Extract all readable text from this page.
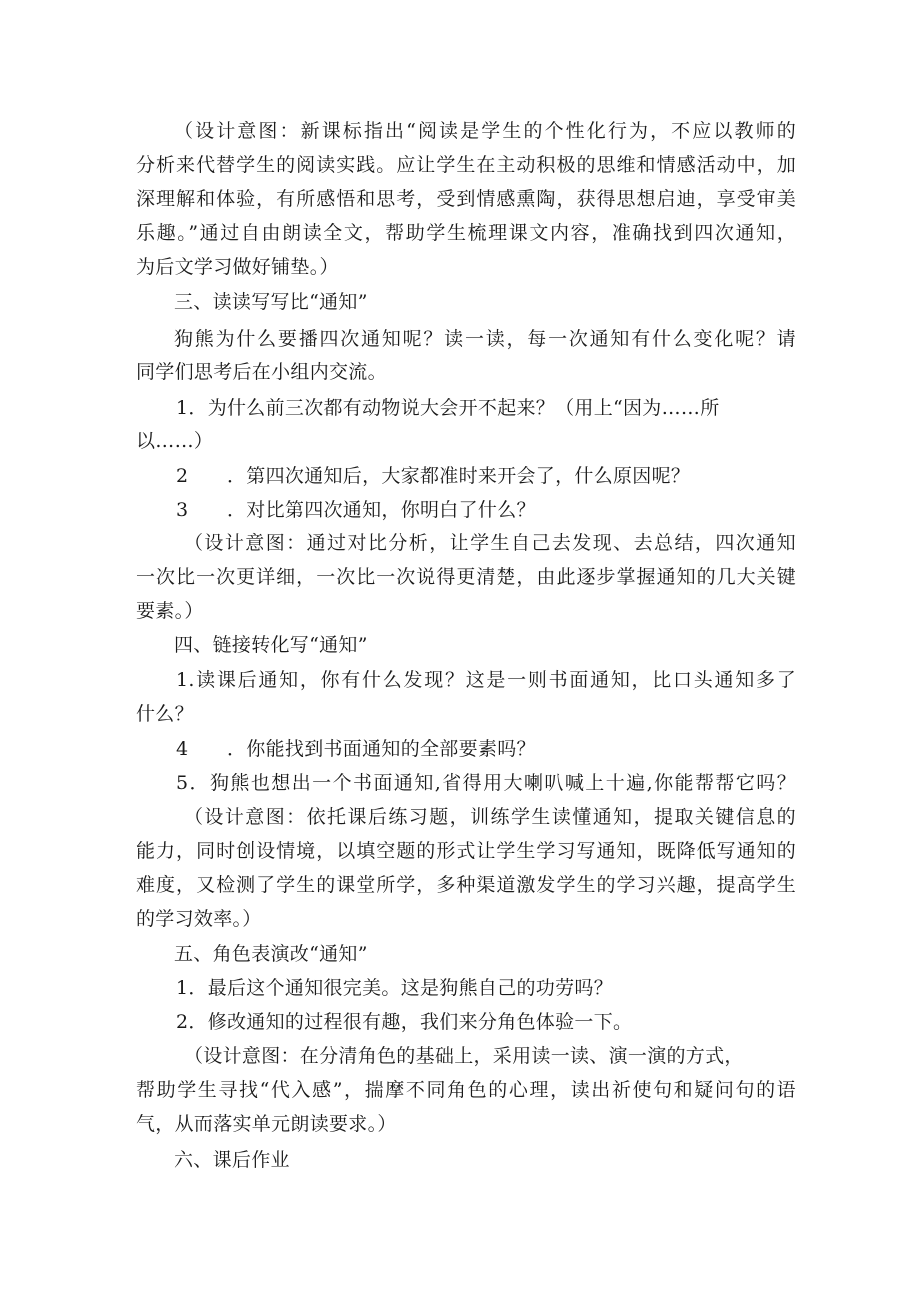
（设计意图：新课标指出“阅读是学生的个性化行为，不应以教师的
分析来代替学生的阅读实践。应让学生在主动积极的思维和情感活动中，加
深理解和体验，有所感悟和思考，受到情感熏陶，获得思想启迪，享受审美
乐趣。”通过自由朗读全文，帮助学生梳理课文内容，准确找到四次通知，
为后文学习做好铺垫。）
三、读读写写比“通知”
狗熊为什么要播四次通知呢？读一读，每一次通知有什么变化呢？请
同学们思考后在小组内交流。
1．为什么前三次都有动物说大会开不起来？（用上“因为……所
以……）
2　　．第四次通知后，大家都准时来开会了，什么原因呢？
3　　．对比第四次通知，你明白了什么？
（设计意图：通过对比分析，让学生自己去发现、去总结，四次通知
一次比一次更详细，一次比一次说得更清楚，由此逐步掌握通知的几大关键
要素。）
四、链接转化写“通知”
1.读课后通知，你有什么发现？这是一则书面通知，比口头通知多了
什么？
4　　．你能找到书面通知的全部要素吗？
5．狗熊也想出一个书面通知,省得用大喇叭喊上十遍,你能帮帮它吗？
（设计意图：依托课后练习题，训练学生读懂通知，提取关键信息的
能力，同时创设情境，以填空题的形式让学生学习写通知，既降低写通知的
难度，又检测了学生的课堂所学，多种渠道激发学生的学习兴趣，提高学生
的学习效率。）
五、角色表演改“通知”
1．最后这个通知很完美。这是狗熊自己的功劳吗？
2．修改通知的过程很有趣，我们来分角色体验一下。
（设计意图：在分清角色的基础上，采用读一读、演一演的方式，
帮助学生寻找“代入感”，揣摩不同角色的心理，读出祈使句和疑问句的语
气，从而落实单元朗读要求。）
六、课后作业
